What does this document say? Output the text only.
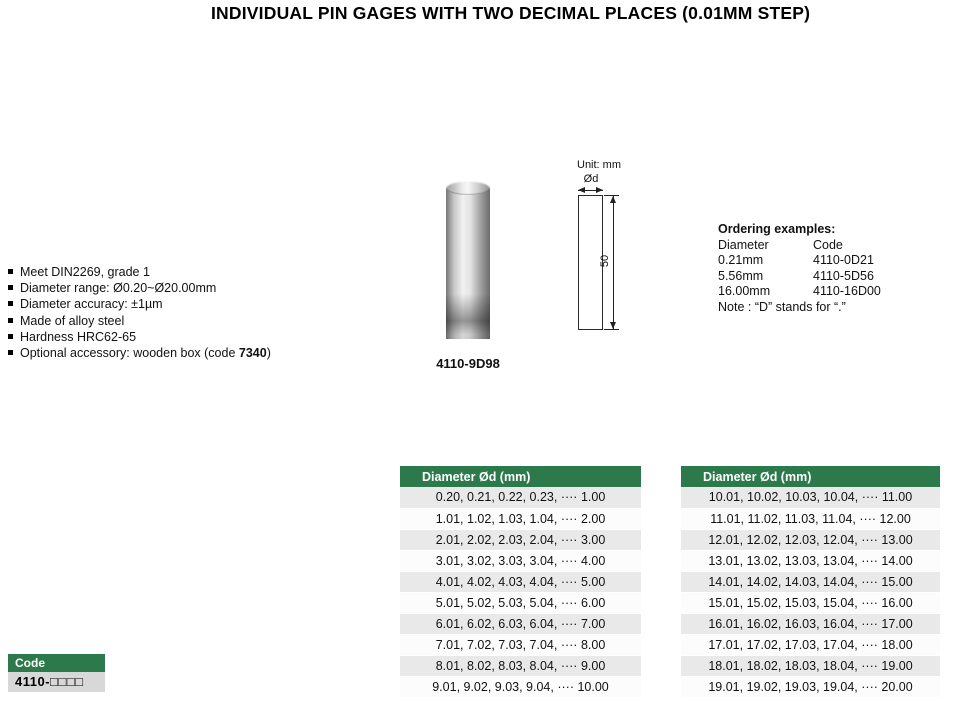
INDIVIDUAL PIN GAGES WITH TWO DECIMAL PLACES (0.01MM STEP)
Meet DIN2269, grade 1
Diameter range: Ø0.20~Ø20.00mm
Diameter accuracy: ±1µm
Made of alloy steel
Hardness HRC62-65
Optional accessory: wooden box (code 7340)
4110-9D98
Unit: mm
Ød
50
Ordering examples:
Diameter	Code
0.21mm	4110-0D21
5.56mm	4110-5D56
16.00mm	4110-16D00
Note : “D” stands for “.”
Diameter Ød (mm)
0.20, 0.21, 0.22, 0.23, ···· 1.00
1.01, 1.02, 1.03, 1.04, ···· 2.00
2.01, 2.02, 2.03, 2.04, ···· 3.00
3.01, 3.02, 3.03, 3.04, ···· 4.00
4.01, 4.02, 4.03, 4.04, ···· 5.00
5.01, 5.02, 5.03, 5.04, ···· 6.00
6.01, 6.02, 6.03, 6.04, ···· 7.00
7.01, 7.02, 7.03, 7.04, ···· 8.00
8.01, 8.02, 8.03, 8.04, ···· 9.00
9.01, 9.02, 9.03, 9.04, ···· 10.00
Diameter Ød (mm)
10.01, 10.02, 10.03, 10.04, ···· 11.00
11.01, 11.02, 11.03, 11.04, ···· 12.00
12.01, 12.02, 12.03, 12.04, ···· 13.00
13.01, 13.02, 13.03, 13.04, ···· 14.00
14.01, 14.02, 14.03, 14.04, ···· 15.00
15.01, 15.02, 15.03, 15.04, ···· 16.00
16.01, 16.02, 16.03, 16.04, ···· 17.00
17.01, 17.02, 17.03, 17.04, ···· 18.00
18.01, 18.02, 18.03, 18.04, ···· 19.00
19.01, 19.02, 19.03, 19.04, ···· 20.00
Code
4110-□□□□
